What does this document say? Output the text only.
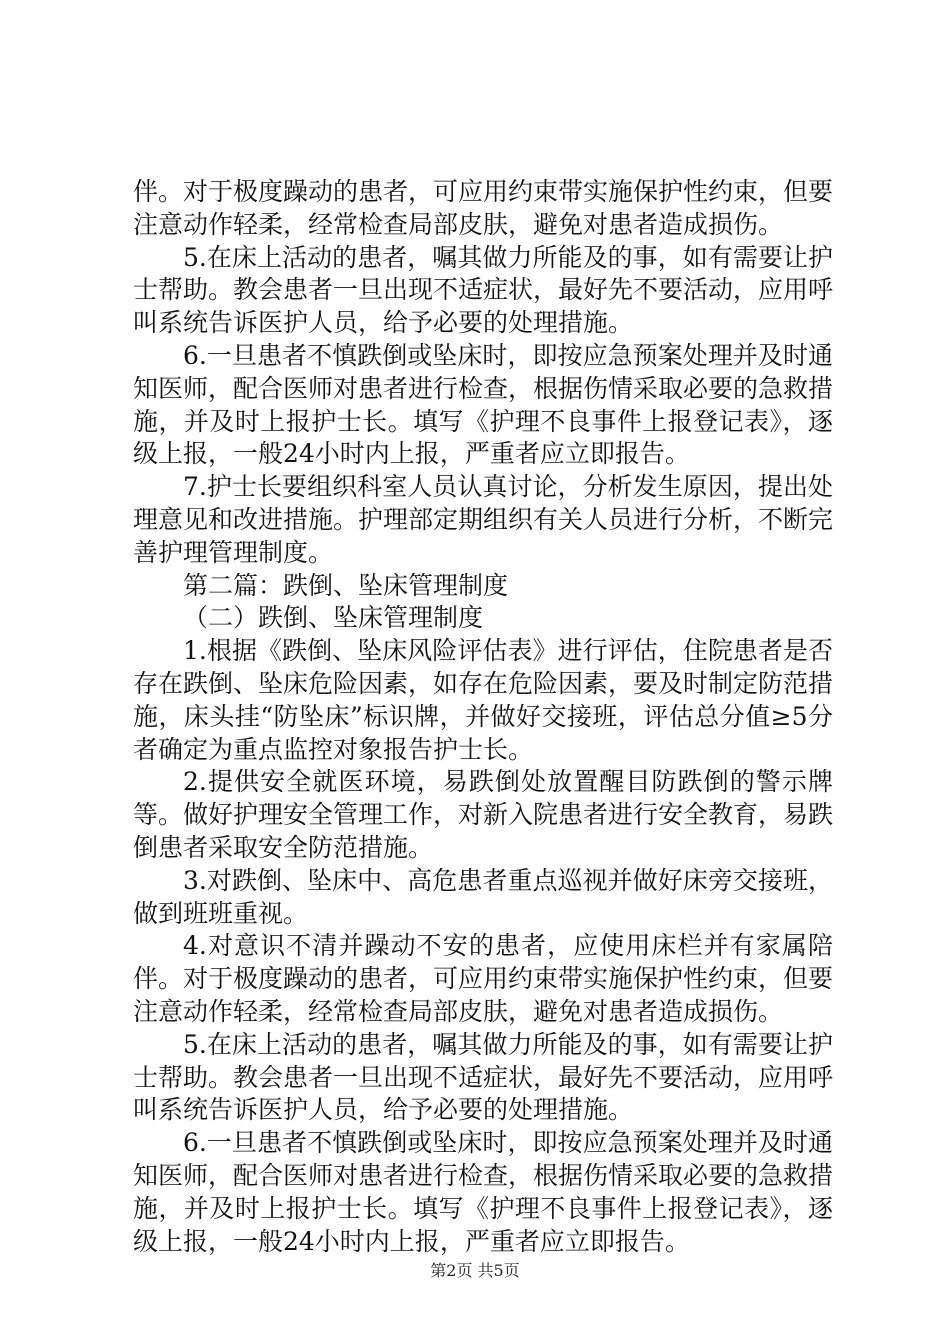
伴。对于极度躁动的患者，可应用约束带实施保护性约束，但要注意动作轻柔，经常检查局部皮肤，避免对患者造成损伤。

5.在床上活动的患者，嘱其做力所能及的事，如有需要让护士帮助。教会患者一旦出现不适症状，最好先不要活动，应用呼叫系统告诉医护人员，给予必要的处理措施。

6.一旦患者不慎跌倒或坠床时，即按应急预案处理并及时通知医师，配合医师对患者进行检查，根据伤情采取必要的急救措施，并及时上报护士长。填写《护理不良事件上报登记表》，逐级上报，一般24小时内上报，严重者应立即报告。

7.护士长要组织科室人员认真讨论，分析发生原因，提出处理意见和改进措施。护理部定期组织有关人员进行分析，不断完善护理管理制度。

第二篇：跌倒、坠床管理制度

（二）跌倒、坠床管理制度

1.根据《跌倒、坠床风险评估表》进行评估，住院患者是否存在跌倒、坠床危险因素，如存在危险因素，要及时制定防范措施，床头挂“防坠床”标识牌，并做好交接班，评估总分值≥5分者确定为重点监控对象报告护士长。

2.提供安全就医环境，易跌倒处放置醒目防跌倒的警示牌等。做好护理安全管理工作，对新入院患者进行安全教育，易跌倒患者采取安全防范措施。

3.对跌倒、坠床中、高危患者重点巡视并做好床旁交接班，做到班班重视。

4.对意识不清并躁动不安的患者，应使用床栏并有家属陪伴。对于极度躁动的患者，可应用约束带实施保护性约束，但要注意动作轻柔，经常检查局部皮肤，避免对患者造成损伤。

5.在床上活动的患者，嘱其做力所能及的事，如有需要让护士帮助。教会患者一旦出现不适症状，最好先不要活动，应用呼叫系统告诉医护人员，给予必要的处理措施。

6.一旦患者不慎跌倒或坠床时，即按应急预案处理并及时通知医师，配合医师对患者进行检查，根据伤情采取必要的急救措施，并及时上报护士长。填写《护理不良事件上报登记表》，逐级上报，一般24小时内上报，严重者应立即报告。

第2页 共5页
